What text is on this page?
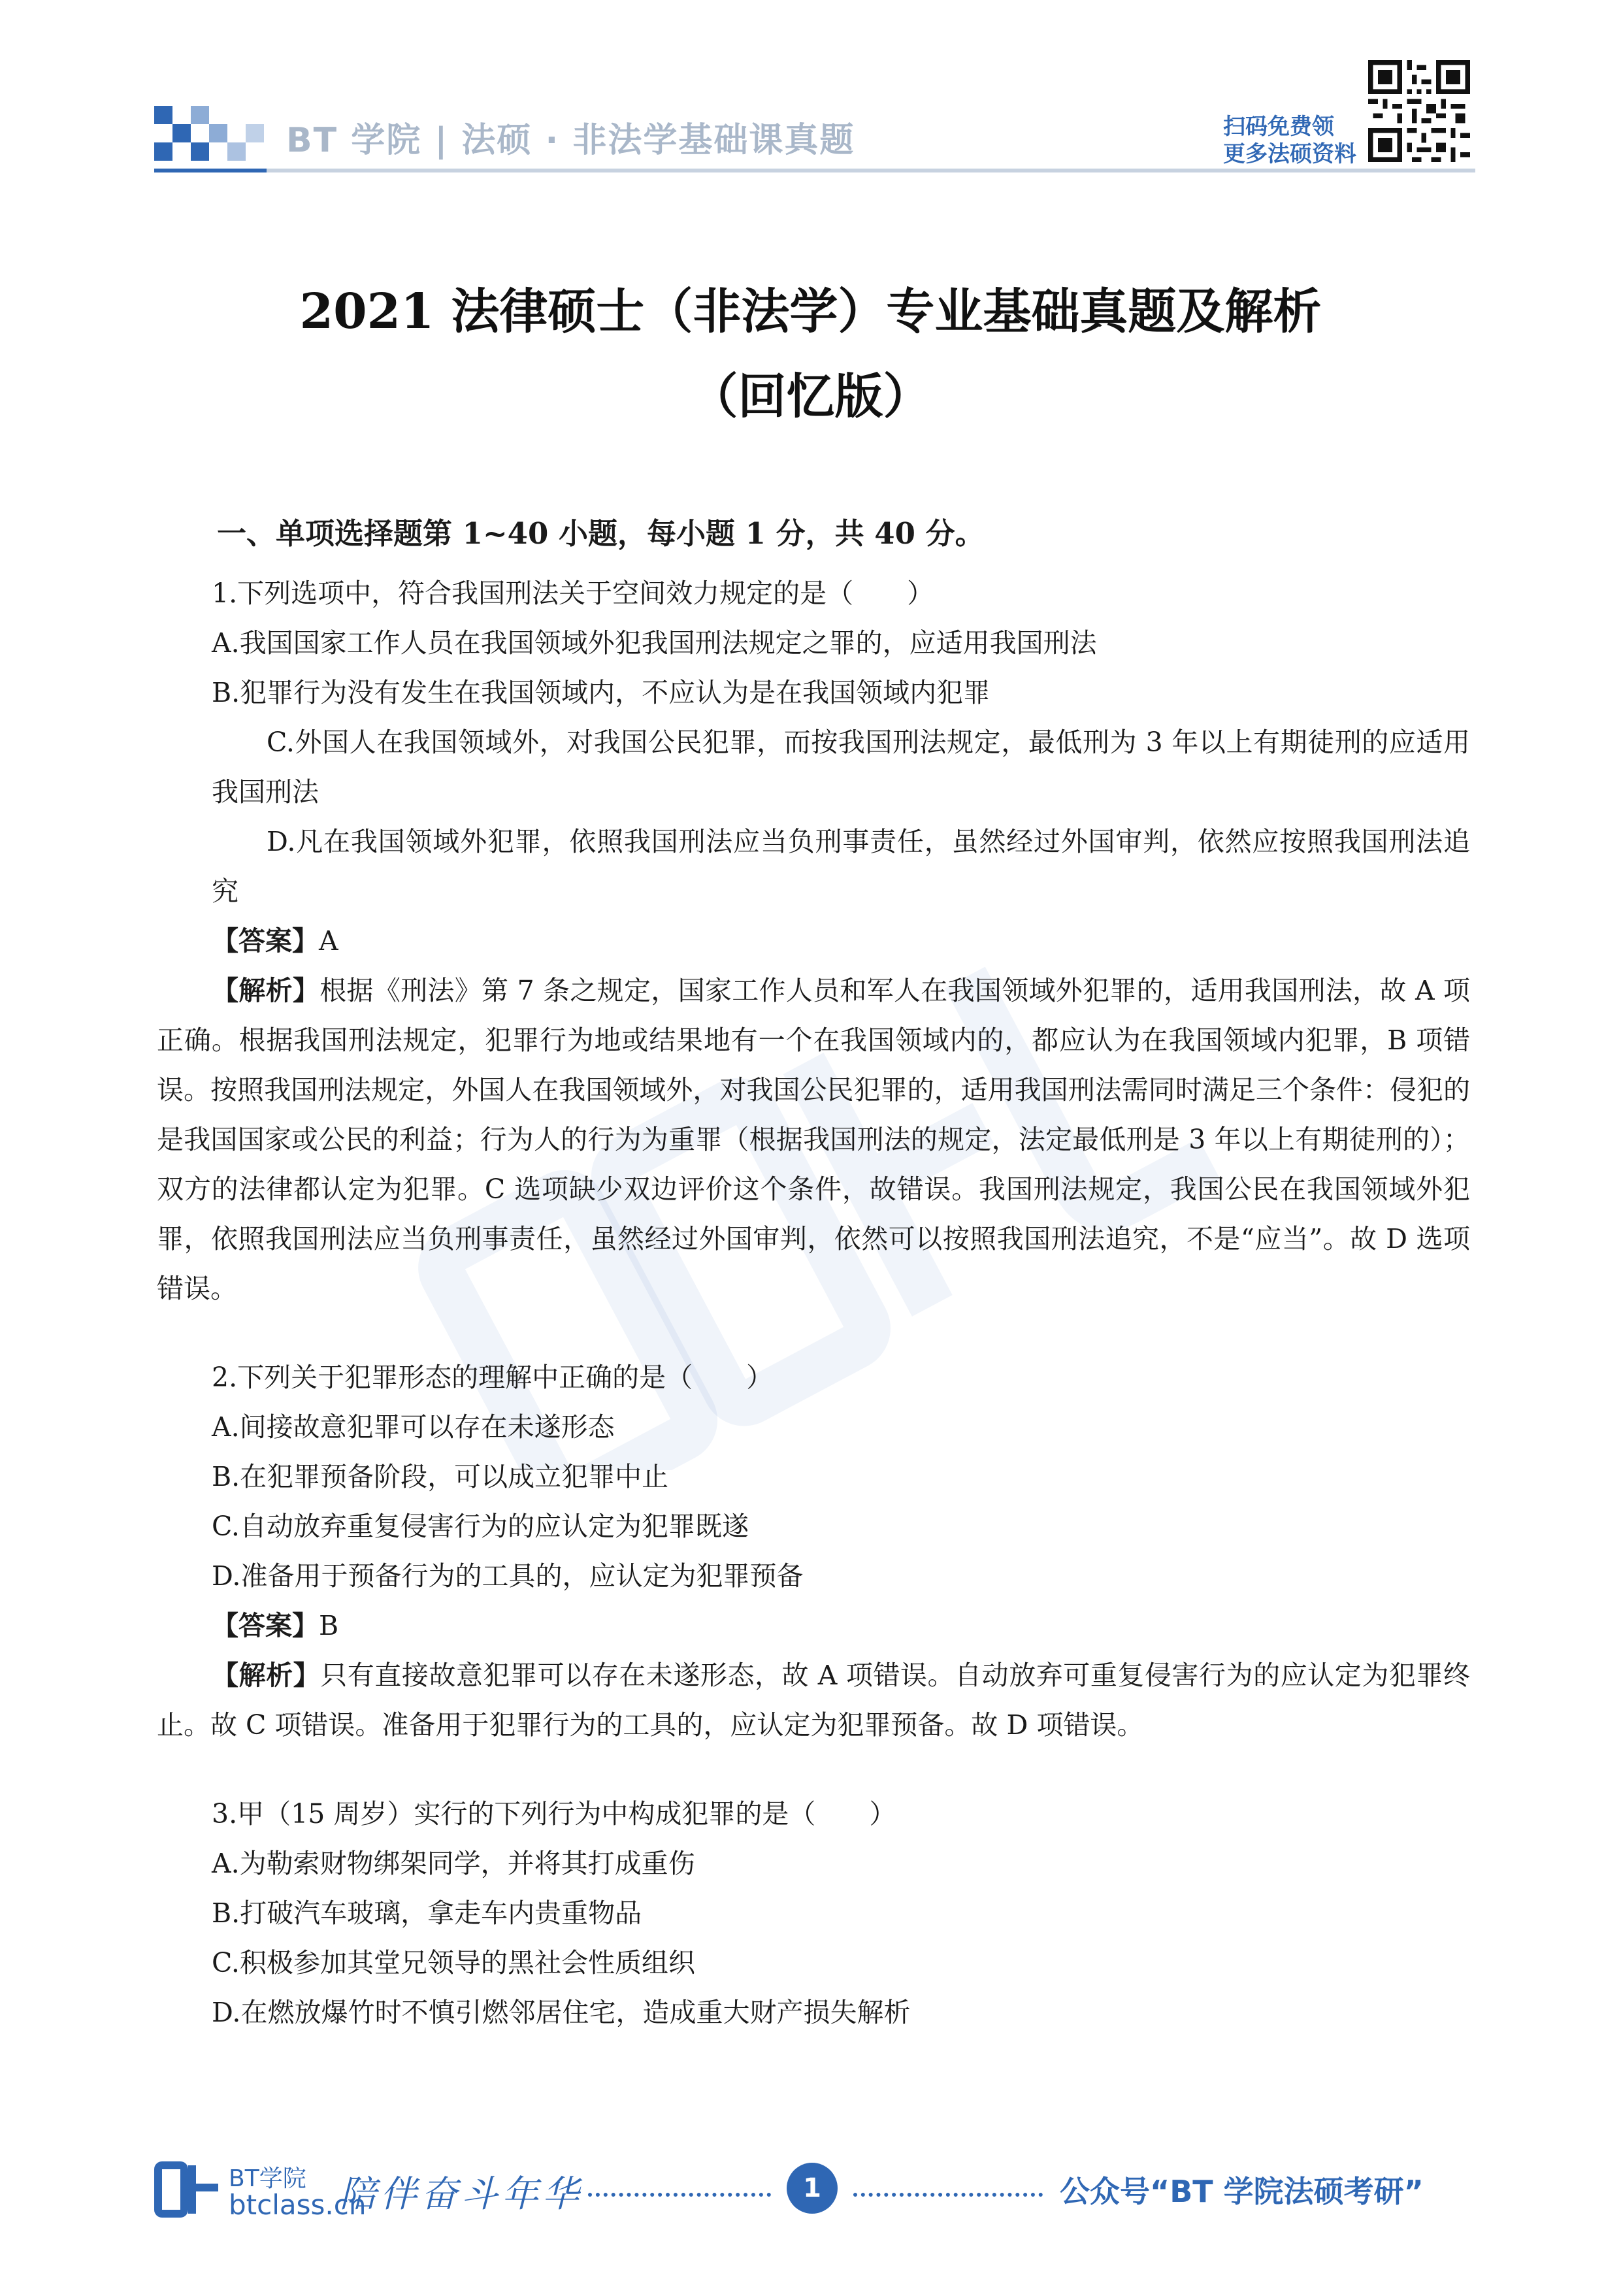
BT 学院 | 法硕 · 非法学基础课真题	扫码免费领
更多法硕资料
2021 法律硕士（非法学）专业基础真题及解析
（回忆版）
一、单项选择题第 1~40 小题，每小题 1 分，共 40 分。

1.下列选项中，符合我国刑法关于空间效力规定的是（　　）

A.我国国家工作人员在我国领域外犯我国刑法规定之罪的，应适用我国刑法

B.犯罪行为没有发生在我国领域内，不应认为是在我国领域内犯罪

C.外国人在我国领域外，对我国公民犯罪，而按我国刑法规定，最低刑为 3 年以上有期徒刑的应适用我国刑法

D.凡在我国领域外犯罪，依照我国刑法应当负刑事责任，虽然经过外国审判，依然应按照我国刑法追究

【答案】A

【解析】根据《刑法》第 7 条之规定，国家工作人员和军人在我国领域外犯罪的，适用我国刑法，故 A 项正确。根据我国刑法规定，犯罪行为地或结果地有一个在我国领域内的，都应认为在我国领域内犯罪，B 项错误。按照我国刑法规定，外国人在我国领域外，对我国公民犯罪的，适用我国刑法需同时满足三个条件：侵犯的是我国国家或公民的利益；行为人的行为为重罪（根据我国刑法的规定，法定最低刑是 3 年以上有期徒刑的）；双方的法律都认定为犯罪。C 选项缺少双边评价这个条件，故错误。我国刑法规定，我国公民在我国领域外犯罪，依照我国刑法应当负刑事责任，虽然经过外国审判，依然可以按照我国刑法追究，不是“应当”。故 D 选项错误。

2.下列关于犯罪形态的理解中正确的是（　　）

A.间接故意犯罪可以存在未遂形态

B.在犯罪预备阶段，可以成立犯罪中止

C.自动放弃重复侵害行为的应认定为犯罪既遂

D.准备用于预备行为的工具的，应认定为犯罪预备

【答案】B

【解析】只有直接故意犯罪可以存在未遂形态，故 A 项错误。自动放弃可重复侵害行为的应认定为犯罪终止。故 C 项错误。准备用于犯罪行为的工具的，应认定为犯罪预备。故 D 项错误。

3.甲（15 周岁）实行的下列行为中构成犯罪的是（　　）

A.为勒索财物绑架同学，并将其打成重伤

B.打破汽车玻璃，拿走车内贵重物品

C.积极参加其堂兄领导的黑社会性质组织

D.在燃放爆竹时不慎引燃邻居住宅，造成重大财产损失解析

BT学院
btclass.cn
陪伴奋斗年华	1	公众号“BT 学院法硕考研”
